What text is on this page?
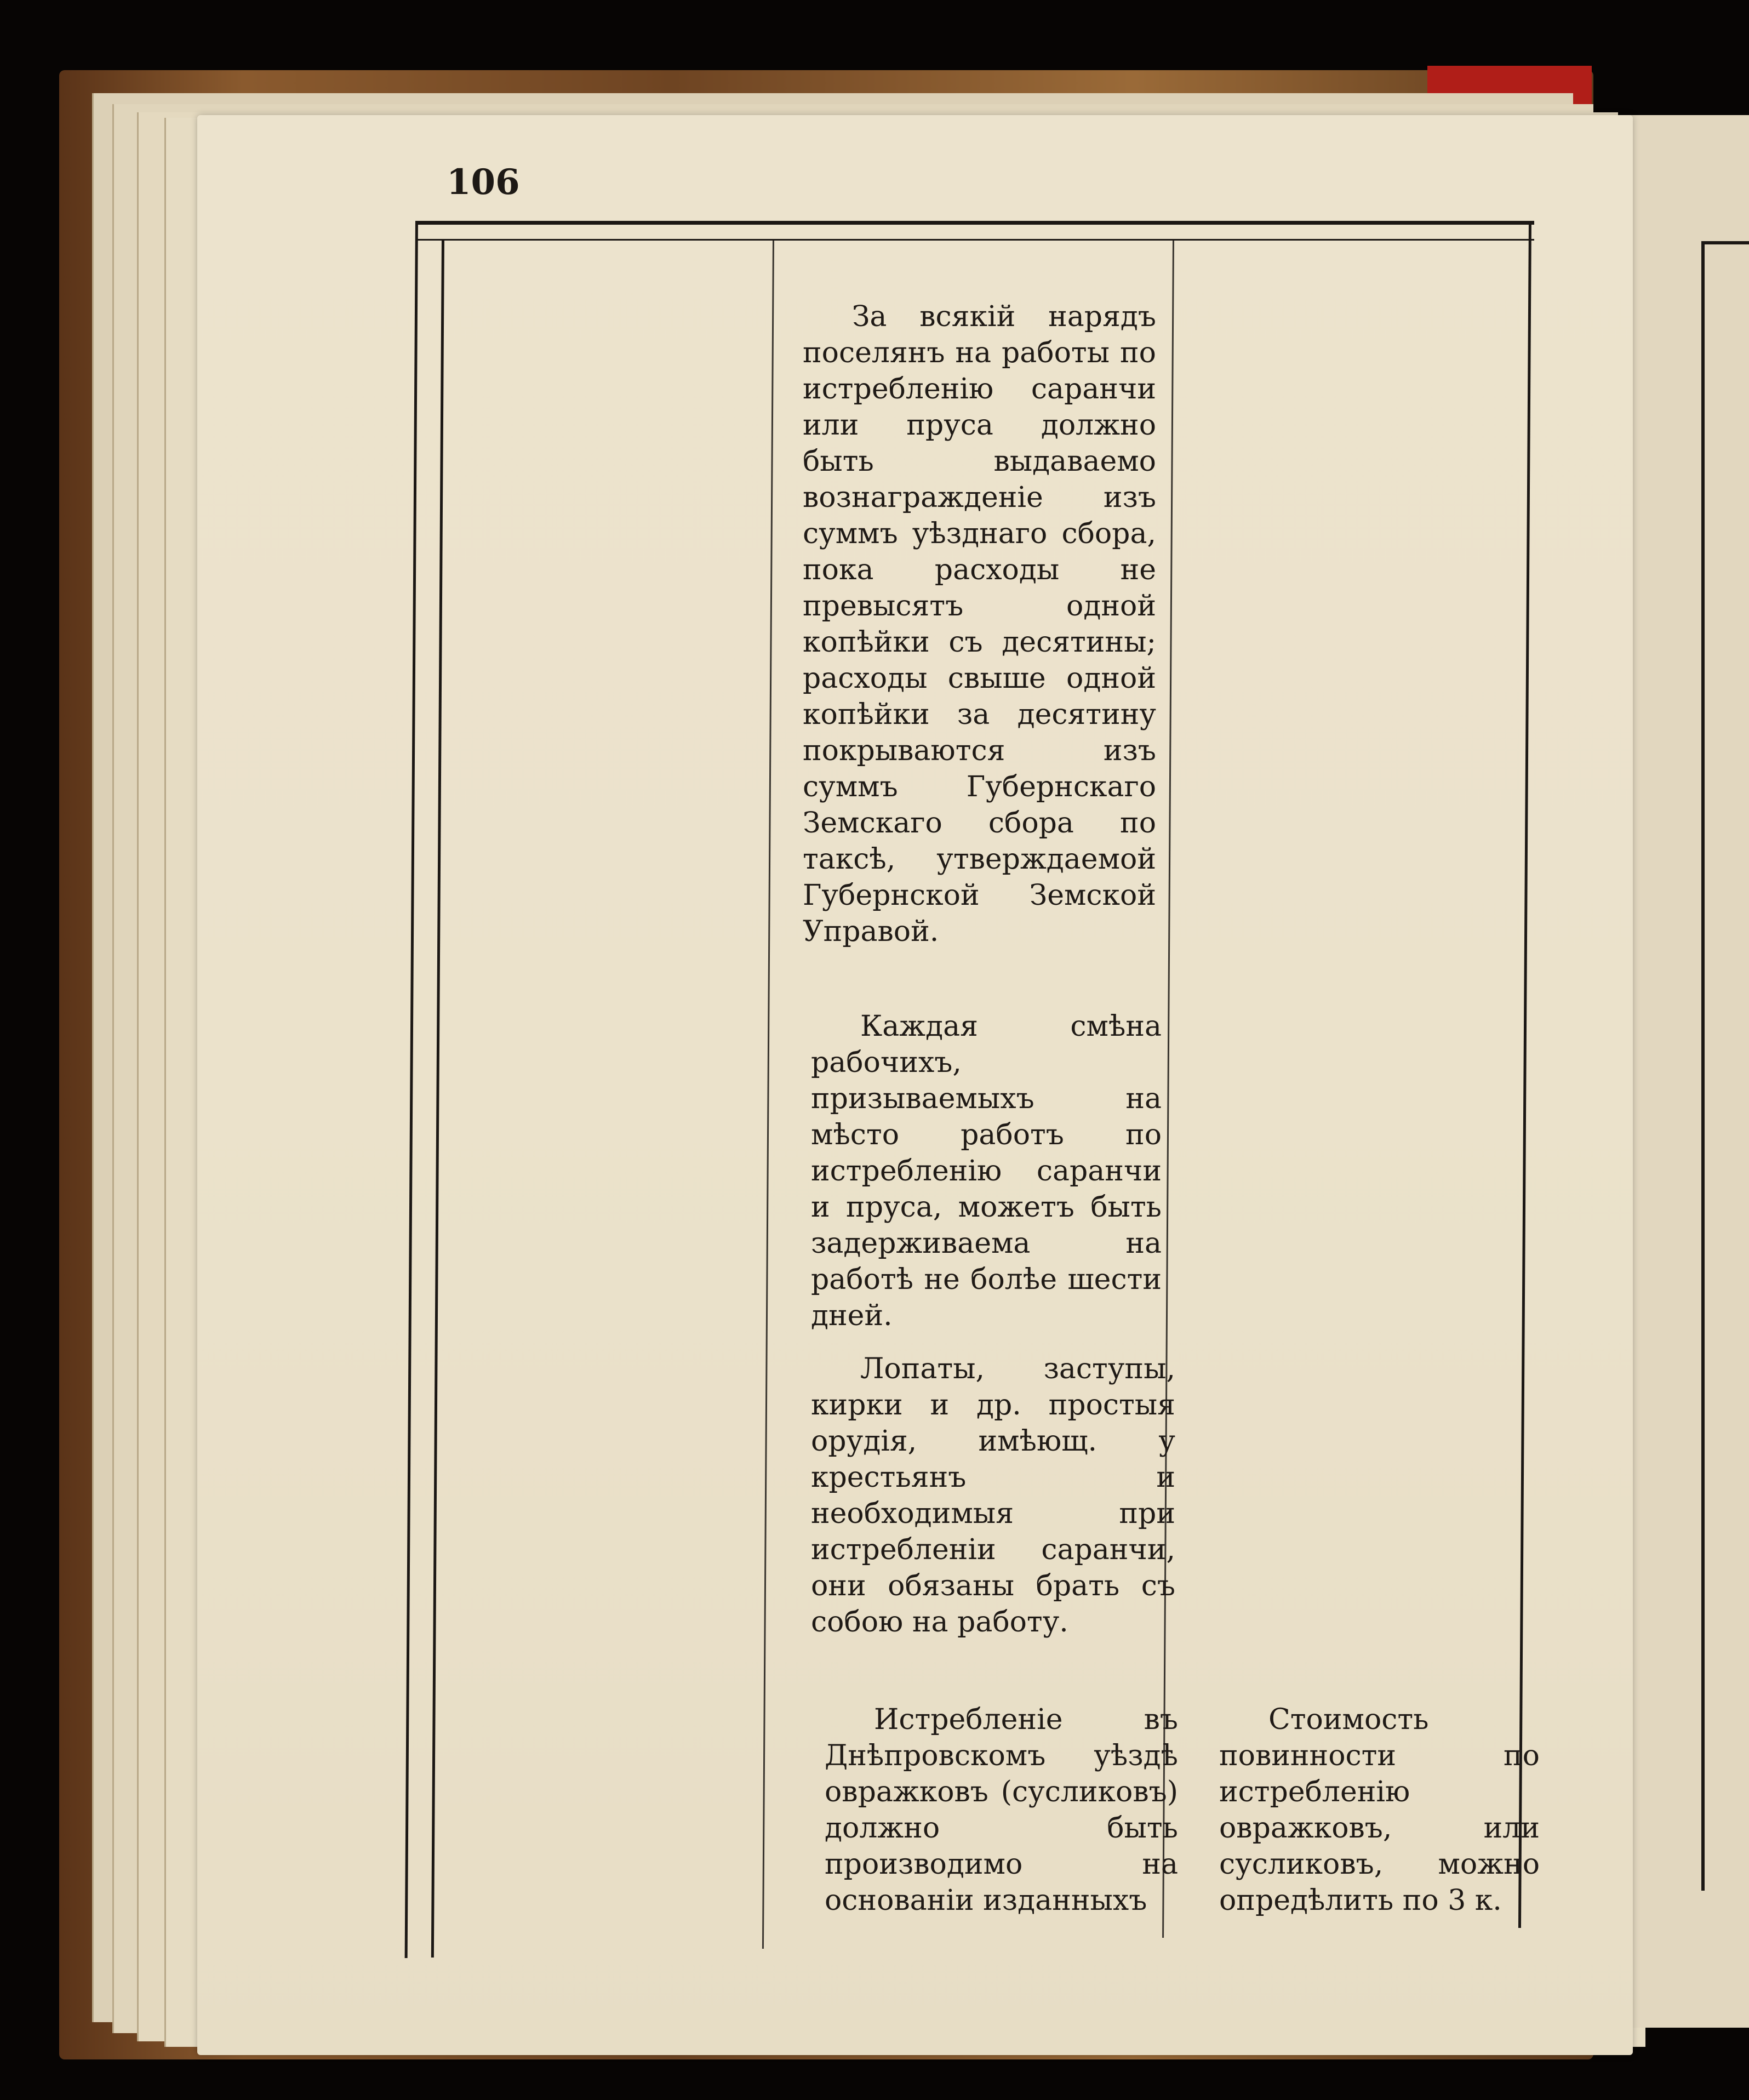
106

За всякій нарядъ поселянъ на работы по истребленію саранчи или пруса должно быть выдаваемо вознагражденіе изъ суммъ уѣзднаго сбора, пока расходы не превысятъ одной копѣйки съ десятины; расходы свыше одной копѣйки за десятину покрываются изъ суммъ Губернскаго Земскаго сбора по таксѣ, утверждаемой Губернской Земской Управой.

Каждая смѣна рабочихъ, призываемыхъ на мѣсто работъ по истребленію саранчи и пруса, можетъ быть задерживаема на работѣ не болѣе шести дней.

Лопаты, заступы, кирки и др. простыя орудія, имѣющ. у крестьянъ и необходимыя при истребленіи саранчи, они обязаны брать съ собою на работу.

Истребленіе въ Днѣпровскомъ уѣздѣ овражковъ (сусликовъ) должно быть производимо на основаніи изданныхъ

Стоимость повинности по истребленію овражковъ, или сусликовъ, можно опредѣлить по 3 к.
